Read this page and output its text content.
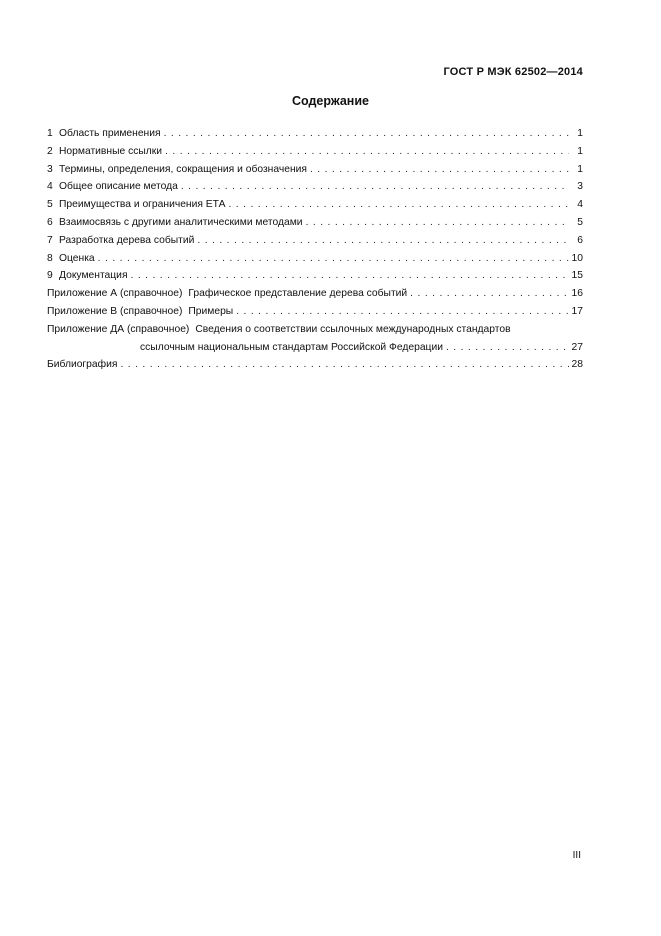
ГОСТ Р МЭК 62502—2014
Содержание
1 Область применения . . .	1
2 Нормативные ссылки . . .	1
3 Термины, определения, сокращения и обозначения . . .	1
4 Общее описание метода . . .	3
5 Преимущества и ограничения ЕТА . . .	4
6 Взаимосвязь с другими аналитическими методами . . .	5
7 Разработка дерева событий . . .	6
8 Оценка . . .	10
9 Документация . . .	15
Приложение А (справочное) Графическое представление дерева событий . . .	16
Приложение В (справочное) Примеры . . .	17
Приложение ДА (справочное) Сведения о соответствии ссылочных международных стандартов
ссылочным национальным стандартам Российской Федерации . . .	27
Библиография . . .	28
III
